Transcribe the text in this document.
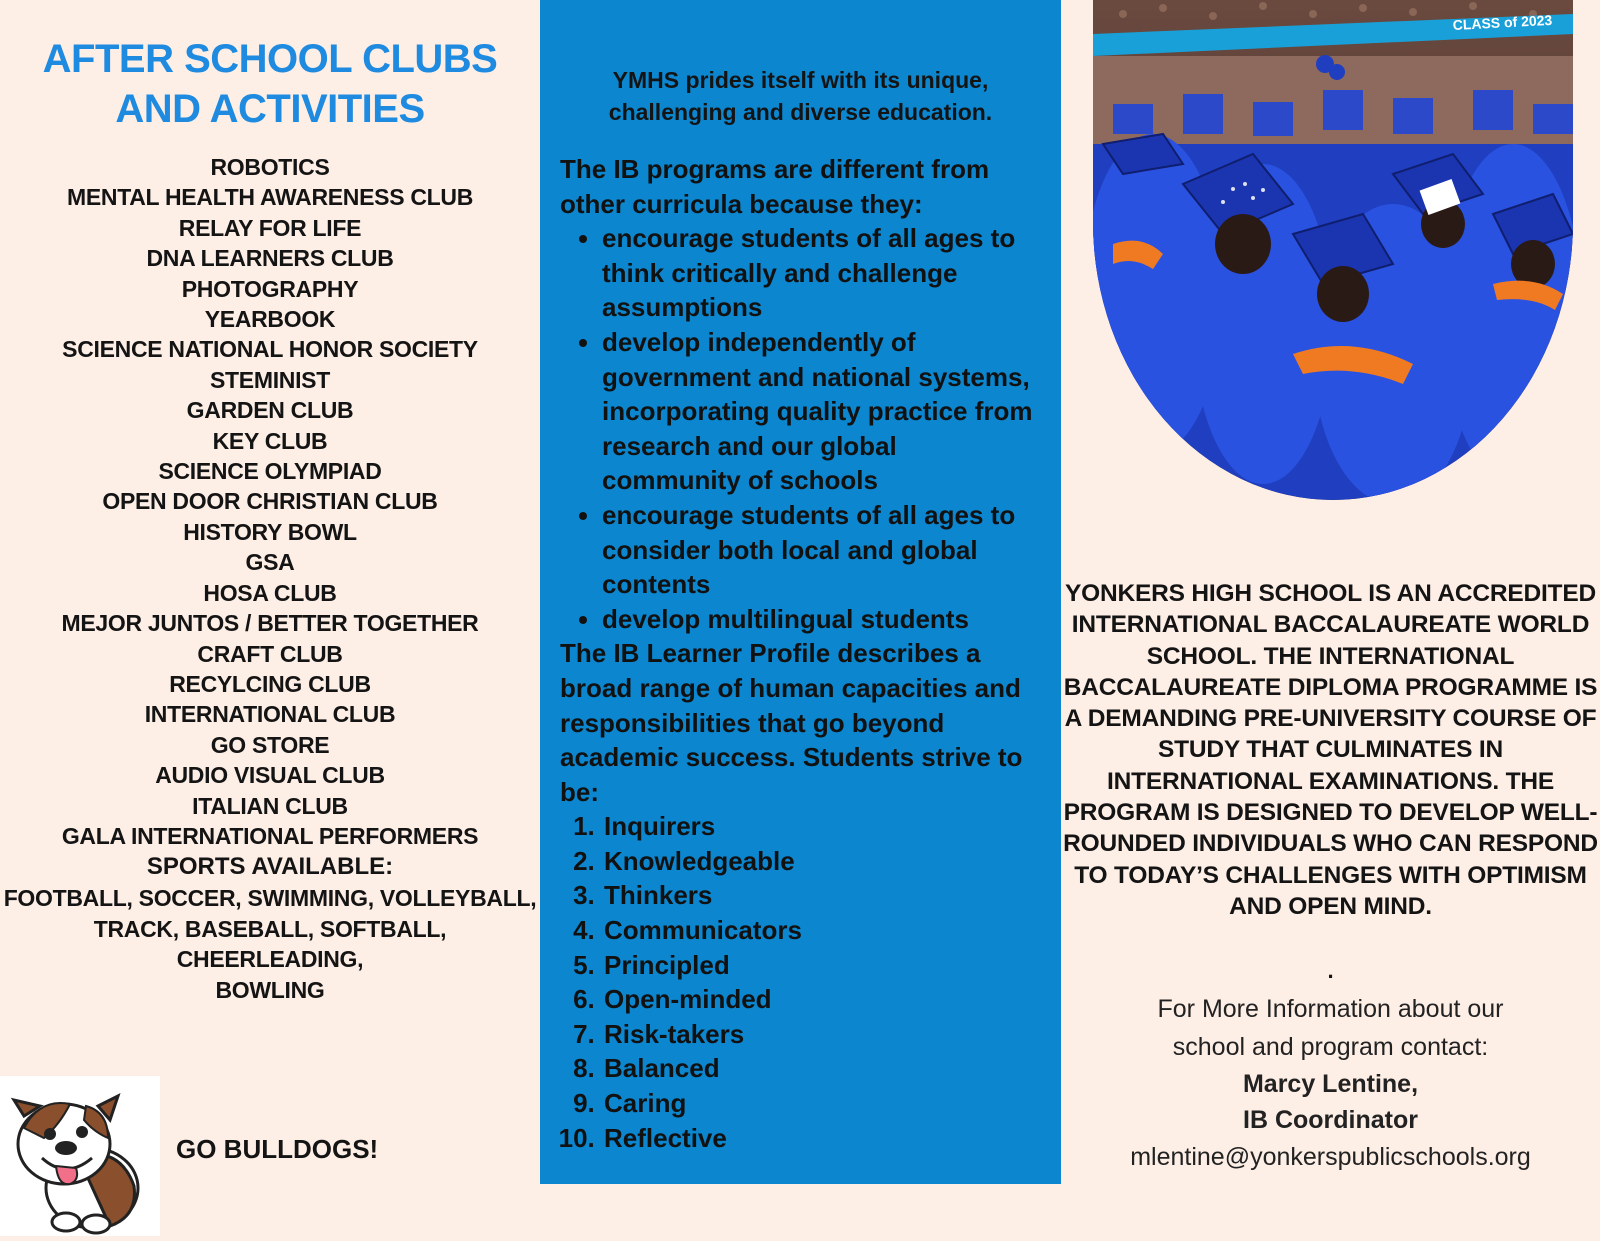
AFTER SCHOOL CLUBS
AND ACTIVITIES
ROBOTICS
MENTAL HEALTH AWARENESS CLUB
RELAY FOR LIFE
DNA LEARNERS CLUB
PHOTOGRAPHY
YEARBOOK
SCIENCE NATIONAL HONOR SOCIETY
STEMINIST
GARDEN CLUB
KEY CLUB
SCIENCE OLYMPIAD
OPEN DOOR CHRISTIAN CLUB
HISTORY BOWL
GSA
HOSA CLUB
MEJOR JUNTOS / BETTER TOGETHER
CRAFT CLUB
RECYLCING CLUB
INTERNATIONAL CLUB
GO STORE
AUDIO VISUAL CLUB
ITALIAN CLUB
GALA INTERNATIONAL PERFORMERS
SPORTS AVAILABLE:
FOOTBALL, SOCCER, SWIMMING, VOLLEYBALL,
TRACK, BASEBALL, SOFTBALL, CHEERLEADING,
BOWLING
GO BULLDOGS!
YMHS prides itself with its unique, challenging and diverse education.

The IB programs are different from other curricula because they:

• encourage students of all ages to think critically and challenge assumptions
• develop independently of government and national systems, incorporating quality practice from research and our global community of schools
• encourage students of all ages to consider both local and global contents
• develop multilingual students

The IB Learner Profile describes a broad range of human capacities and responsibilities that go beyond academic success. Students strive to be:

1. Inquirers
2. Knowledgeable
3. Thinkers
4. Communicators
5. Principled
6. Open-minded
7. Risk-takers
8. Balanced
9. Caring
10. Reflective
CLASS of 2023
YONKERS HIGH SCHOOL IS AN ACCREDITED INTERNATIONAL BACCALAUREATE WORLD SCHOOL. THE INTERNATIONAL BACCALAUREATE DIPLOMA PROGRAMME IS A DEMANDING PRE-UNIVERSITY COURSE OF STUDY THAT CULMINATES IN INTERNATIONAL EXAMINATIONS. THE PROGRAM IS DESIGNED TO DEVELOP WELL-ROUNDED INDIVIDUALS WHO CAN RESPOND TO TODAY’S CHALLENGES WITH OPTIMISM AND OPEN MIND.
.
For More Information about our
school and program contact:
Marcy Lentine,
IB Coordinator
mlentine@yonkerspublicschools.org
